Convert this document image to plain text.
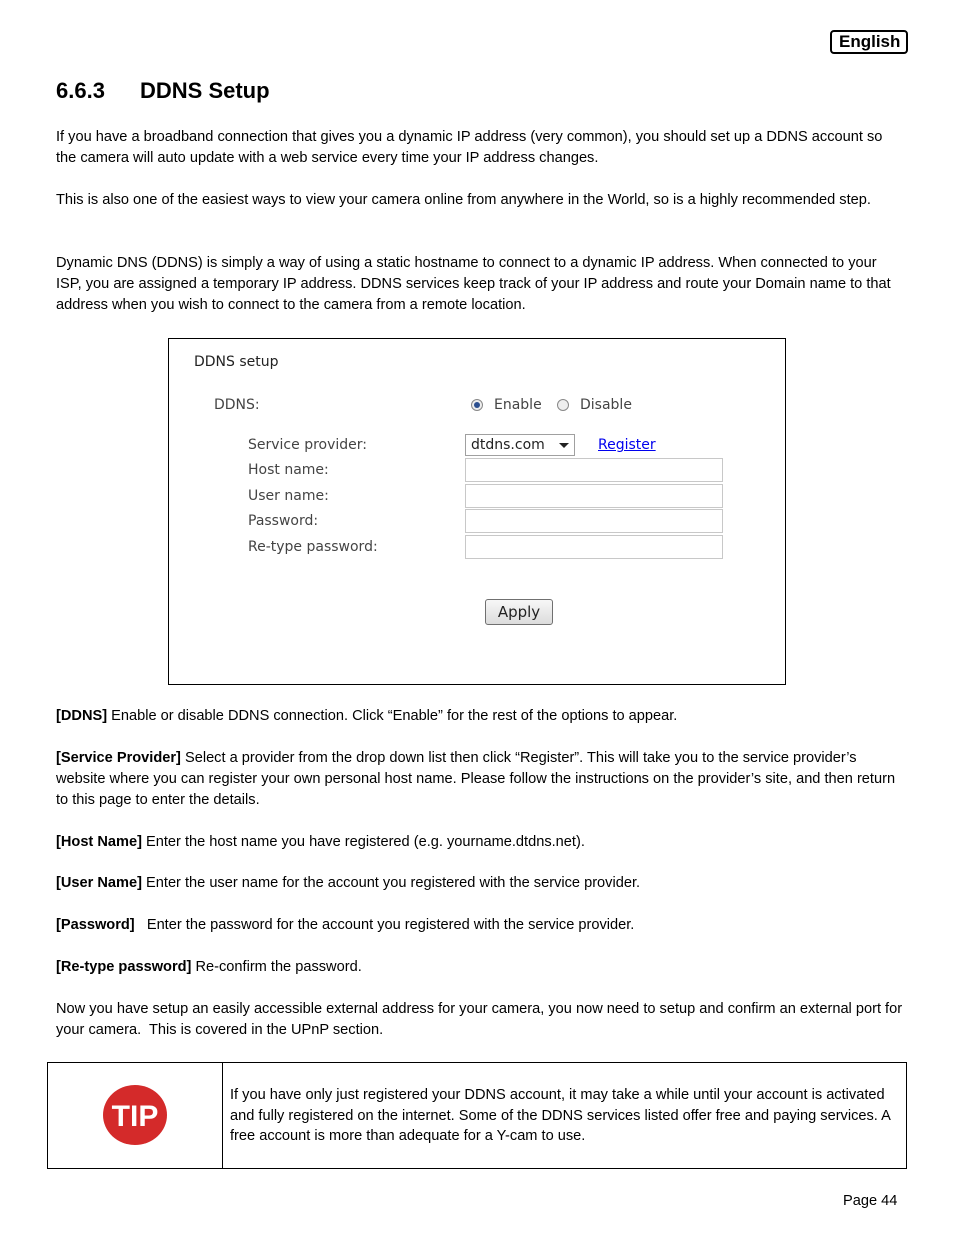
English
6.6.3 DDNS Setup
If you have a broadband connection that gives you a dynamic IP address (very common), you should set up a DDNS account so the camera will auto update with a web service every time your IP address changes.
This is also one of the easiest ways to view your camera online from anywhere in the World, so is a highly recommended step.
Dynamic DNS (DDNS) is simply a way of using a static hostname to connect to a dynamic IP address. When connected to your ISP, you are assigned a temporary IP address. DDNS services keep track of your IP address and route your Domain name to that address when you wish to connect to the camera from a remote location.
DDNS setup
DDNS:	Enable	Disable
Service provider:	dtdns.com	Register
Host name:
User name:
Password:
Re-type password:
Apply
[DDNS] Enable or disable DDNS connection. Click “Enable” for the rest of the options to appear.
[Service Provider] Select a provider from the drop down list then click “Register”. This will take you to the service provider’s website where you can register your own personal host name. Please follow the instructions on the provider’s site, and then return to this page to enter the details.
[Host Name] Enter the host name you have registered (e.g. yourname.dtdns.net).
[User Name] Enter the user name for the account you registered with the service provider.
[Password]   Enter the password for the account you registered with the service provider.
[Re-type password] Re-confirm the password.
Now you have setup an easily accessible external address for your camera, you now need to setup and confirm an external port for your camera.  This is covered in the UPnP section.
TIP
If you have only just registered your DDNS account, it may take a while until your account is activated and fully registered on the internet. Some of the DDNS services listed offer free and paying services. A free account is more than adequate for a Y-cam to use.
Page 44
